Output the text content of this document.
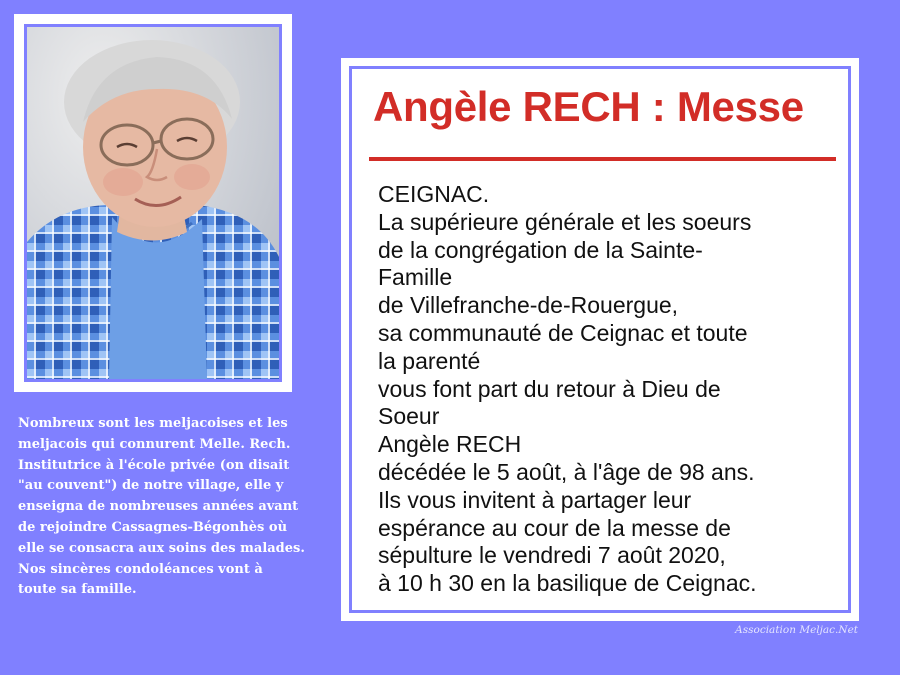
Nombreux sont les meljacoises et les
meljacois qui connurent Melle. Rech.
Institutrice à l'école privée (on disait
"au couvent") de notre village, elle y
enseigna de nombreuses années avant
de rejoindre Cassagnes-Bégonhès où
elle se consacra aux soins des malades.
Nos sincères condoléances vont à
toute sa famille.
Angèle RECH : Messe
CEIGNAC.
La supérieure générale et les soeurs
de la congrégation de la Sainte-
Famille
de Villefranche-de-Rouergue,
sa communauté de Ceignac et toute
la parenté
vous font part du retour à Dieu de
Soeur
Angèle RECH
décédée le 5 août, à l'âge de 98 ans.
Ils vous invitent à partager leur
espérance au cour de la messe de
sépulture le vendredi 7 août 2020,
à 10 h 30 en la basilique de Ceignac.
Association Meljac.Net
